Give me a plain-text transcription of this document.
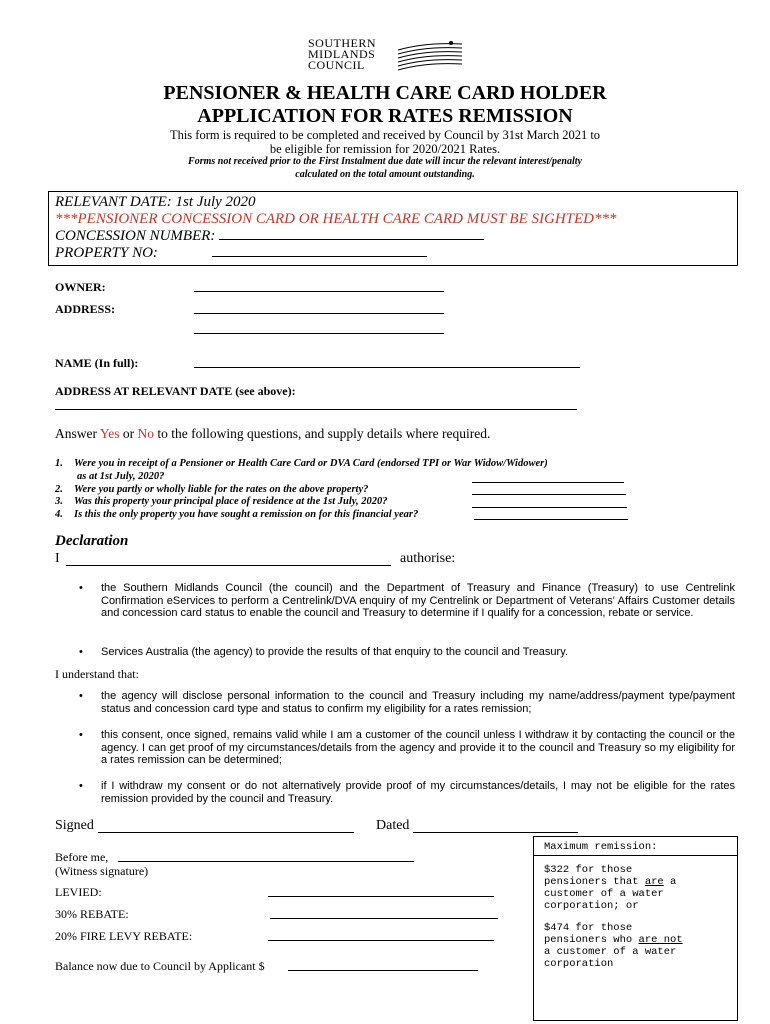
SOUTHERN
MIDLANDS
COUNCIL
PENSIONER & HEALTH CARE CARD HOLDER
APPLICATION FOR RATES REMISSION
This form is required to be completed and received by Council by 31st March 2021 to
be eligible for remission for 2020/2021 Rates.
Forms not received prior to the First Instalment due date will incur the relevant interest/penalty
calculated on the total amount outstanding.
RELEVANT DATE: 1st July 2020
***PENSIONER CONCESSION CARD OR HEALTH CARE CARD MUST BE SIGHTED***
CONCESSION NUMBER:
PROPERTY NO:
OWNER:
ADDRESS:
NAME (In full):
ADDRESS AT RELEVANT DATE (see above):
Answer Yes or No to the following questions, and supply details where required.
1. Were you in receipt of a Pensioner or Health Care Card or DVA Card (endorsed TPI or War Widow/Widower)
as at 1st July, 2020?
2. Were you partly or wholly liable for the rates on the above property?
3. Was this property your principal place of residence at the 1st July, 2020?
4. Is this the only property you have sought a remission on for this financial year?
Declaration
I	authorise:
• the Southern Midlands Council (the council) and the Department of Treasury and Finance (Treasury) to use Centrelink Confirmation eServices to perform a Centrelink/DVA enquiry of my Centrelink or Department of Veterans' Affairs Customer details and concession card status to enable the council and Treasury to determine if I qualify for a concession, rebate or service.
• Services Australia (the agency) to provide the results of that enquiry to the council and Treasury.
I understand that:
• the agency will disclose personal information to the council and Treasury including my name/address/payment type/payment status and concession card type and status to confirm my eligibility for a rates remission;
• this consent, once signed, remains valid while I am a customer of the council unless I withdraw it by contacting the council or the agency. I can get proof of my circumstances/details from the agency and provide it to the council and Treasury so my eligibility for a rates remission can be determined;
• if I withdraw my consent or do not alternatively provide proof of my circumstances/details, I may not be eligible for the rates remission provided by the council and Treasury.
Signed	Dated
Before me,
(Witness signature)
LEVIED:
30% REBATE:
20% FIRE LEVY REBATE:
Balance now due to Council by Applicant $
Maximum remission:
$322 for those
pensioners that are a
customer of a water
corporation; or
$474 for those
pensioners who are not
a customer of a water
corporation
